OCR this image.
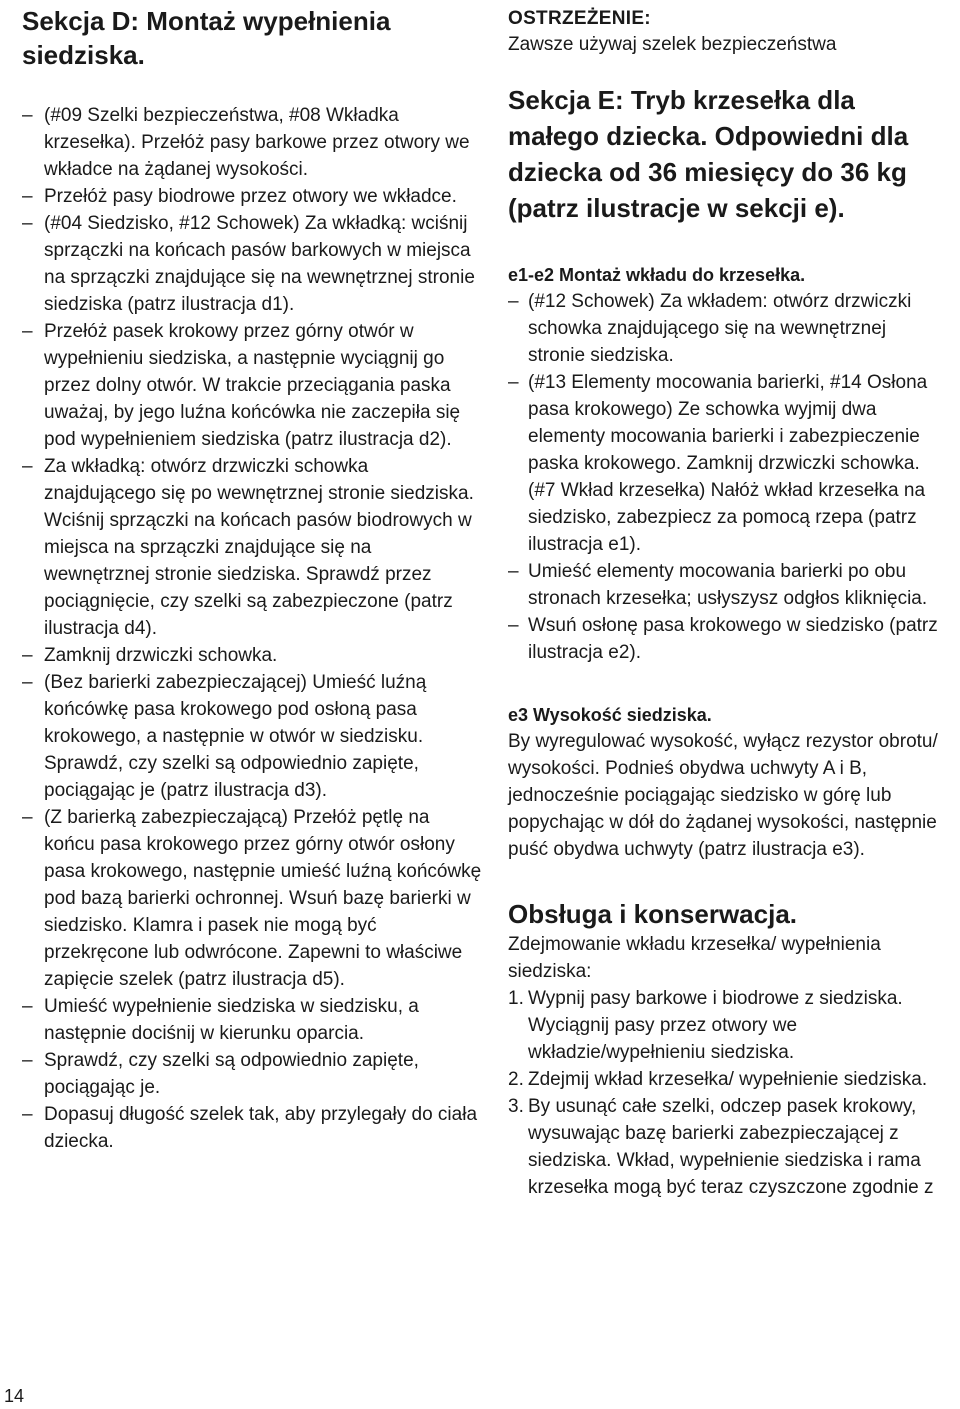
Sekcja D: Montaż wypełnienia siedziska.
– (#09 Szelki bezpieczeństwa, #08 Wkładka krzesełka). Przełóż pasy barkowe przez otwory we wkładce na żądanej wysokości.
– Przełóż pasy biodrowe przez otwory we wkładce.
– (#04 Siedzisko, #12 Schowek) Za wkładką: wciśnij sprzączki na końcach pasów barkowych w miejsca na sprzączki znajdujące się na wewnętrznej stronie siedziska (patrz ilustracja d1).
– Przełóż pasek krokowy przez górny otwór w wypełnieniu siedziska, a następnie wyciągnij go przez dolny otwór. W trakcie przeciągania paska uważaj, by jego luźna końcówka nie zaczepiła się pod wypełnieniem siedziska (patrz ilustracja d2).
– Za wkładką: otwórz drzwiczki schowka znajdującego się po wewnętrznej stronie siedziska. Wciśnij sprzączki na końcach pasów biodrowych w miejsca na sprzączki znajdujące się na wewnętrznej stronie siedziska. Sprawdź przez pociągnięcie, czy szelki są zabezpieczone (patrz ilustracja d4).
– Zamknij drzwiczki schowka.
– (Bez barierki zabezpieczającej) Umieść luźną końcówkę pasa krokowego pod osłoną pasa krokowego, a następnie w otwór w siedzisku. Sprawdź, czy szelki są odpowiednio zapięte, pociągając je (patrz ilustracja d3).
– (Z barierką zabezpieczającą) Przełóż pętlę na końcu pasa krokowego przez górny otwór osłony pasa krokowego, następnie umieść luźną końcówkę pod bazą barierki ochronnej. Wsuń bazę barierki w siedzisko. Klamra i pasek nie mogą być przekręcone lub odwrócone. Zapewni to właściwe zapięcie szelek (patrz ilustracja d5).
– Umieść wypełnienie siedziska w siedzisku, a następnie dociśnij w kierunku oparcia.
– Sprawdź, czy szelki są odpowiednio zapięte, pociągając je.
– Dopasuj długość szelek tak, aby przylegały do ciała dziecka.
OSTRZEŻENIE:
Zawsze używaj szelek bezpieczeństwa
Sekcja E: Tryb krzesełka dla małego dziecka. Odpowiedni dla dziecka od 36 miesięcy do 36 kg (patrz ilustracje w sekcji e).
e1-e2 Montaż wkładu do krzesełka.
– (#12 Schowek) Za wkładem: otwórz drzwiczki schowka znajdującego się na wewnętrznej stronie siedziska.
– (#13 Elementy mocowania barierki, #14 Osłona pasa krokowego) Ze schowka wyjmij dwa elementy mocowania barierki i zabezpieczenie paska krokowego. Zamknij drzwiczki schowka.
(#7 Wkład krzesełka) Nałóż wkład krzesełka na siedzisko, zabezpiecz za pomocą rzepa (patrz ilustracja e1).
– Umieść elementy mocowania barierki po obu stronach krzesełka; usłyszysz odgłos kliknięcia.
– Wsuń osłonę pasa krokowego w siedzisko (patrz ilustracja e2).
e3 Wysokość siedziska.

By wyregulować wysokość, wyłącz rezystor obrotu/ wysokości. Podnieś obydwa uchwyty A i B, jednocześnie pociągając siedzisko w górę lub popychając w dół do żądanej wysokości, następnie puść obydwa uchwyty (patrz ilustracja e3).

Obsługa i konserwacja.

Zdejmowanie wkładu krzesełka/ wypełnienia siedziska:

1. Wypnij pasy barkowe i biodrowe z siedziska. Wyciągnij pasy przez otwory we wkładzie/wypełnieniu siedziska.
2. Zdejmij wkład krzesełka/ wypełnienie siedziska.
3. By usunąć całe szelki, odczep pasek krokowy, wysuwając bazę barierki zabezpieczającej z siedziska. Wkład, wypełnienie siedziska i rama krzesełka mogą być teraz czyszczone zgodnie z
14
